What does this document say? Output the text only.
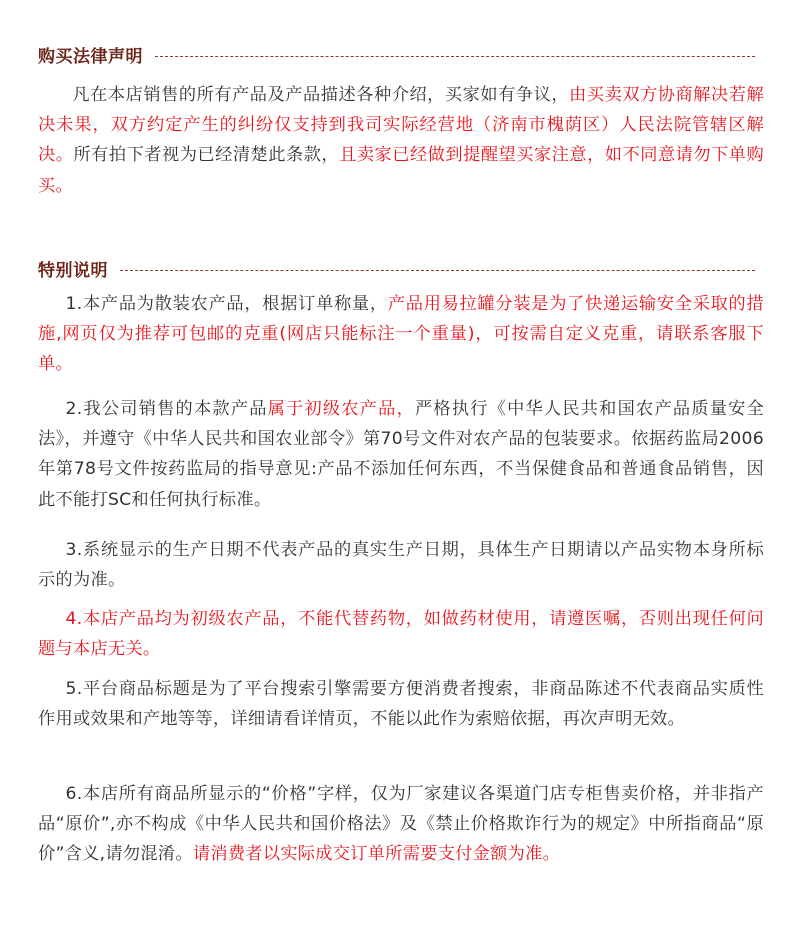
购买法律声明

凡在本店销售的所有产品及产品描述各种介绍，买家如有争议，由买卖双方协商解决若解决未果，双方约定产生的纠纷仅支持到我司实际经营地（济南市槐荫区）人民法院管辖区解决。所有拍下者视为已经清楚此条款，且卖家已经做到提醒望买家注意，如不同意请勿下单购买。

特别说明

1.本产品为散装农产品，根据订单称量，产品用易拉罐分装是为了快递运输安全采取的措施,网页仅为推荐可包邮的克重(网店只能标注一个重量)，可按需自定义克重，请联系客服下单。

2.我公司销售的本款产品属于初级农产品，严格执行《中华人民共和国农产品质量安全法》，并遵守《中华人民共和国农业部令》第70号文件对农产品的包装要求。依据药监局2006年第78号文件按药监局的指导意见:产品不添加任何东西，不当保健食品和普通食品销售，因此不能打SC和任何执行标准。

3.系统显示的生产日期不代表产品的真实生产日期，具体生产日期请以产品实物本身所标示的为准。

4.本店产品均为初级农产品，不能代替药物，如做药材使用，请遵医嘱，否则出现任何问题与本店无关。

5.平台商品标题是为了平台搜索引擎需要方便消费者搜索，非商品陈述不代表商品实质性作用或效果和产地等等，详细请看详情页，不能以此作为索赔依据，再次声明无效。

6.本店所有商品所显示的“价格”字样，仅为厂家建议各渠道门店专柜售卖价格，并非指产品“原价”,亦不构成《中华人民共和国价格法》及《禁止价格欺诈行为的规定》中所指商品“原价”含义,请勿混淆。请消费者以实际成交订单所需要支付金额为准。
